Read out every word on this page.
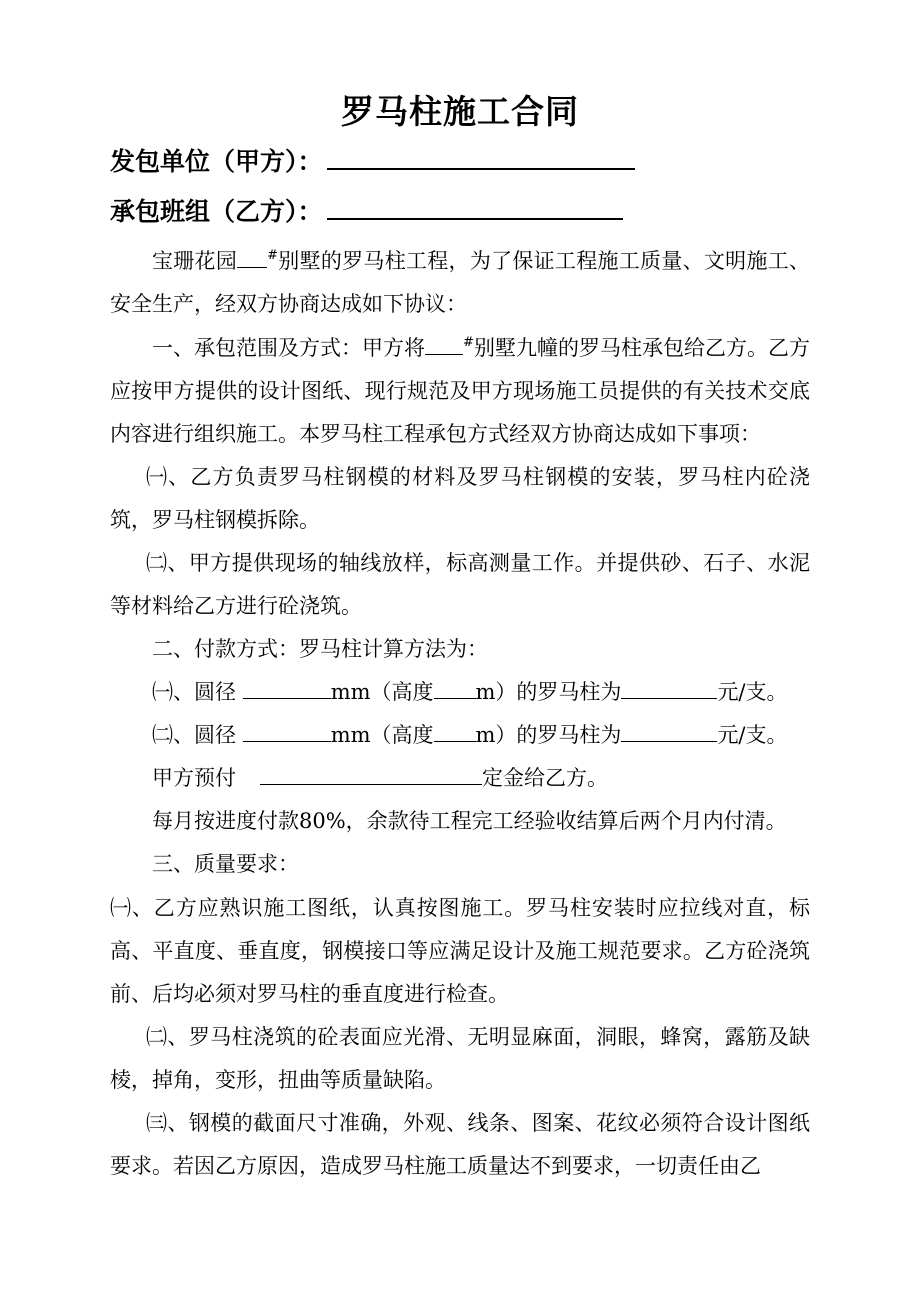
罗马柱施工合同
发包单位（甲方）：
承包班组（乙方）：

宝珊花园 #别墅的罗马柱工程，为了保证工程施工质量、文明施工、安全生产，经双方协商达成如下协议：

一、承包范围及方式：甲方将	#别墅九幢的罗马柱承包给乙方。乙方应按甲方提供的设计图纸、现行规范及甲方现场施工员提供的有关技术交底内容进行组织施工。本罗马柱工程承包方式经双方协商达成如下事项：

㈠、乙方负责罗马柱钢模的材料及罗马柱钢模的安装，罗马柱内砼浇筑，罗马柱钢模拆除。

㈡、甲方提供现场的轴线放样，标高测量工作。并提供砂、石子、水泥等材料给乙方进行砼浇筑。

二、付款方式：罗马柱计算方法为：

㈠、圆径	mm（高度 m）的罗马柱为	元/支。

㈡、圆径	mm（高度 m）的罗马柱为	元/支。

甲方预付	定金给乙方。

每月按进度付款80%，余款待工程完工经验收结算后两个月内付清。

三、质量要求：

㈠、乙方应熟识施工图纸，认真按图施工。罗马柱安装时应拉线对直，标高、平直度、垂直度，钢模接口等应满足设计及施工规范要求。乙方砼浇筑前、后均必须对罗马柱的垂直度进行检查。

㈡、罗马柱浇筑的砼表面应光滑、无明显麻面，洞眼，蜂窝，露筋及缺棱，掉角，变形，扭曲等质量缺陷。

㈢、钢模的截面尺寸准确，外观、线条、图案、花纹必须符合设计图纸要求。若因乙方原因，造成罗马柱施工质量达不到要求，一切责任由乙
